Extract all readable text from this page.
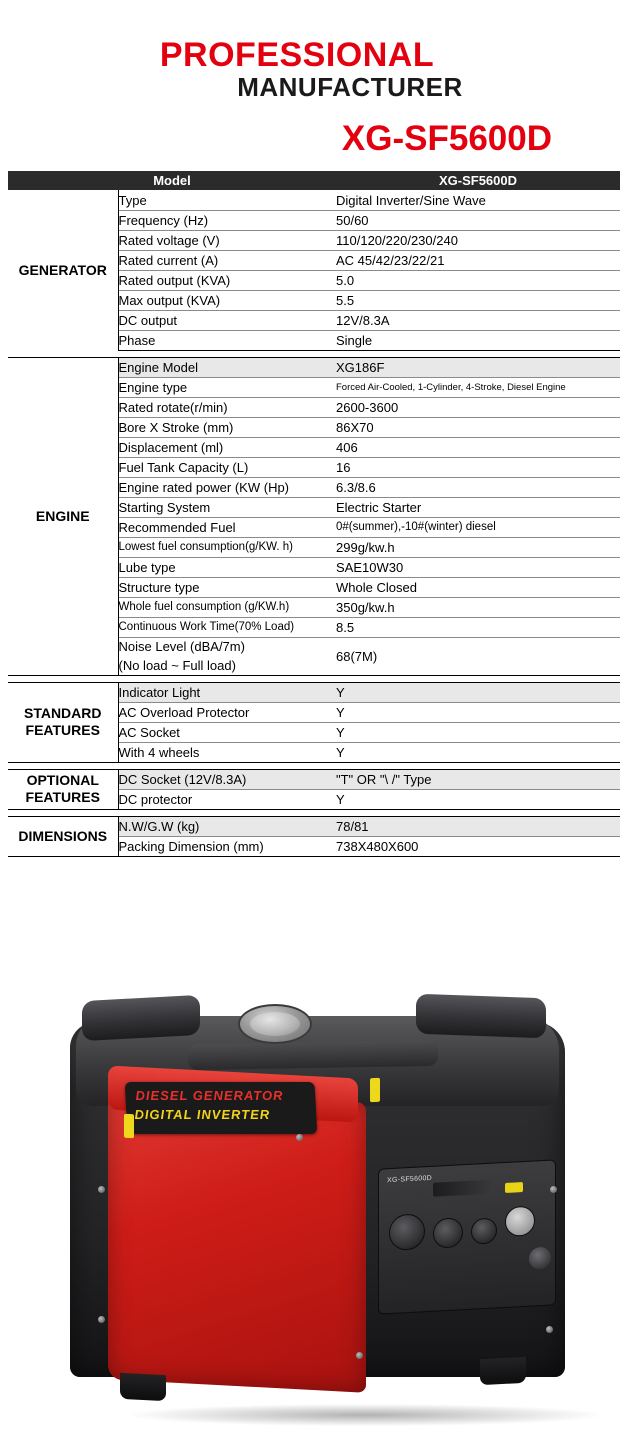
PROFESSIONAL
MANUFACTURER
XG-SF5600D
Model		XG-SF5600D
GENERATOR	Type	Digital Inverter/Sine Wave
	Frequency (Hz)	50/60
	Rated voltage (V)	110/120/220/230/240
	Rated current (A)	AC 45/42/23/22/21
	Rated output (KVA)	5.0
	Max output (KVA)	5.5
	DC output	12V/8.3A
	Phase	Single

ENGINE	Engine Model	XG186F
	Engine type	Forced Air-Cooled, 1-Cylinder, 4-Stroke, Diesel Engine
	Rated rotate(r/min)	2600-3600
	Bore X Stroke (mm)	86X70
	Displacement (ml)	406
	Fuel Tank Capacity (L)	16
	Engine rated power (KW (Hp)	6.3/8.6
	Starting System	Electric Starter
	Recommended Fuel	0#(summer),-10#(winter) diesel
	Lowest fuel consumption(g/KW. h)	299g/kw.h
	Lube type	SAE10W30
	Structure type	Whole Closed
	Whole fuel consumption (g/KW.h)	350g/kw.h
	Continuous Work Time(70% Load)	8.5
	Noise Level (dBA/7m)	68(7M)
	(No load ~ Full load)	

STANDARD FEATURES	Indicator Light	Y
	AC Overload Protector	Y
	AC Socket	Y
	With 4 wheels	Y

OPTIONAL FEATURES	DC Socket (12V/8.3A)	"T" OR "\ /" Type
	DC protector	Y

DIMENSIONS	N.W/G.W (kg)	78/81
	Packing Dimension (mm)	738X480X600
DIESEL GENERATOR
DIGITAL INVERTER
XG-SF5600D
